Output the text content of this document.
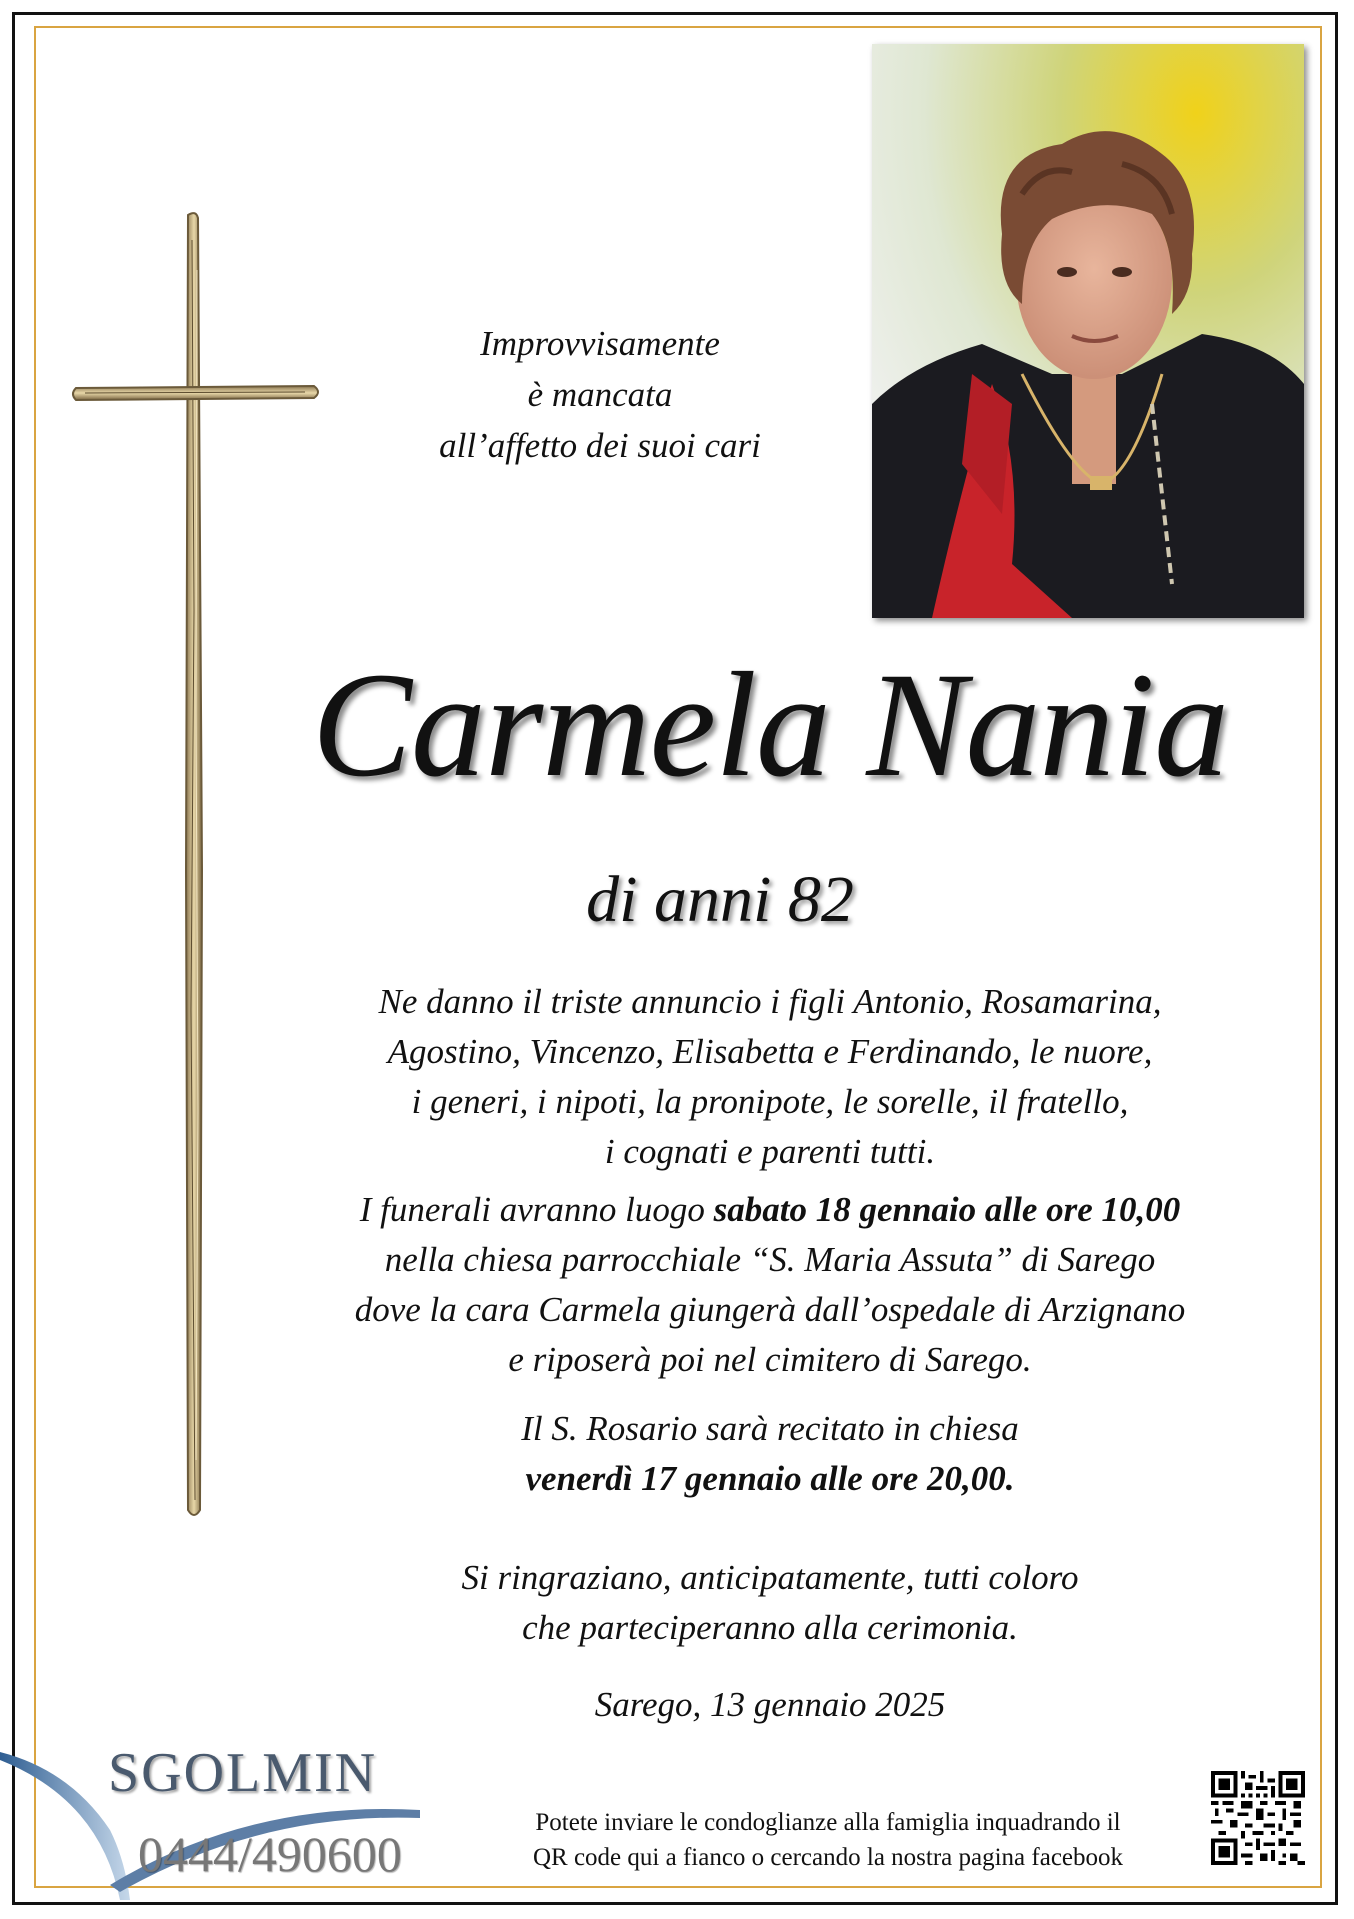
Improvvisamente
è mancata
all’affetto dei suoi cari
Carmela Nania
di anni 82
Ne danno il triste annuncio i figli Antonio, Rosamarina,
Agostino, Vincenzo, Elisabetta e Ferdinando, le nuore,
i generi, i nipoti, la pronipote, le sorelle, il fratello,
i cognati e parenti tutti.
I funerali avranno luogo sabato 18 gennaio alle ore 10,00
nella chiesa parrocchiale “S. Maria Assuta” di Sarego
dove la cara Carmela giungerà dall’ospedale di Arzignano
e riposerà poi nel cimitero di Sarego.
Il S. Rosario sarà recitato in chiesa
venerdì 17 gennaio alle ore 20,00.
Si ringraziano, anticipatamente, tutti coloro
che parteciperanno alla cerimonia.
Sarego, 13 gennaio 2025
SGOLMIN
0444/490600
Potete inviare le condoglianze alla famiglia inquadrando il
QR code qui a fianco o cercando la nostra pagina facebook
